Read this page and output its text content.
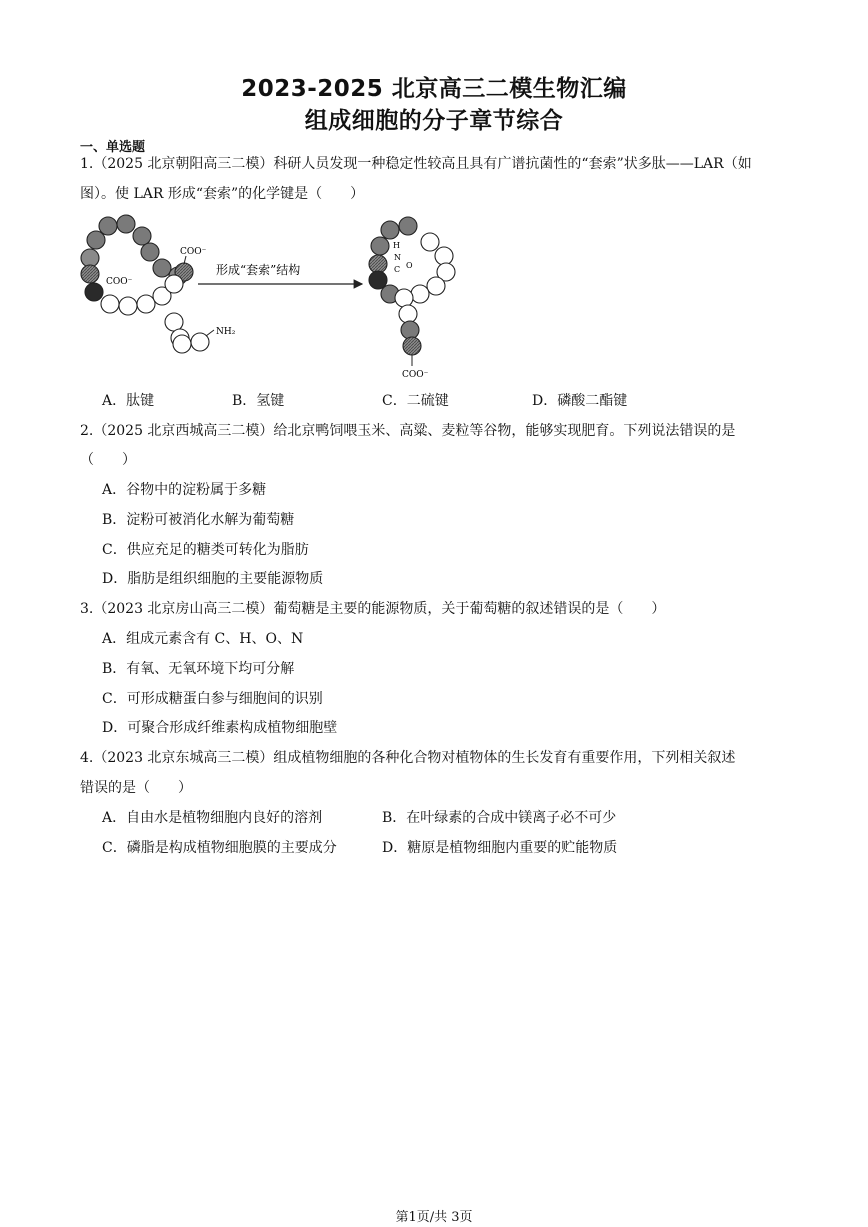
2023-2025 北京高三二模生物汇编
组成细胞的分子章节综合
一、单选题
1.（2025 北京朝阳高三二模）科研人员发现一种稳定性较高且具有广谱抗菌性的“套索”状多肽——LAR（如
图）。使 LAR 形成“套索”的化学键是（　　）
COO⁻
COO⁻
NH₂
形成“套索”结构
H
N
C O
COO⁻
A．肽键	B．氢键	C．二硫键	D．磷酸二酯键
2.（2025 北京西城高三二模）给北京鸭饲喂玉米、高粱、麦粒等谷物，能够实现肥育。下列说法错误的是
（　　）
A．谷物中的淀粉属于多糖
B．淀粉可被消化水解为葡萄糖
C．供应充足的糖类可转化为脂肪
D．脂肪是组织细胞的主要能源物质
3.（2023 北京房山高三二模）葡萄糖是主要的能源物质，关于葡萄糖的叙述错误的是（　　）
A．组成元素含有 C、H、O、N
B．有氧、无氧环境下均可分解
C．可形成糖蛋白参与细胞间的识别
D．可聚合形成纤维素构成植物细胞壁
4.（2023 北京东城高三二模）组成植物细胞的各种化合物对植物体的生长发育有重要作用，下列相关叙述
错误的是（　　）
A．自由水是植物细胞内良好的溶剂	B．在叶绿素的合成中镁离子必不可少
C．磷脂是构成植物细胞膜的主要成分	D．糖原是植物细胞内重要的贮能物质
第1页/共 3页
